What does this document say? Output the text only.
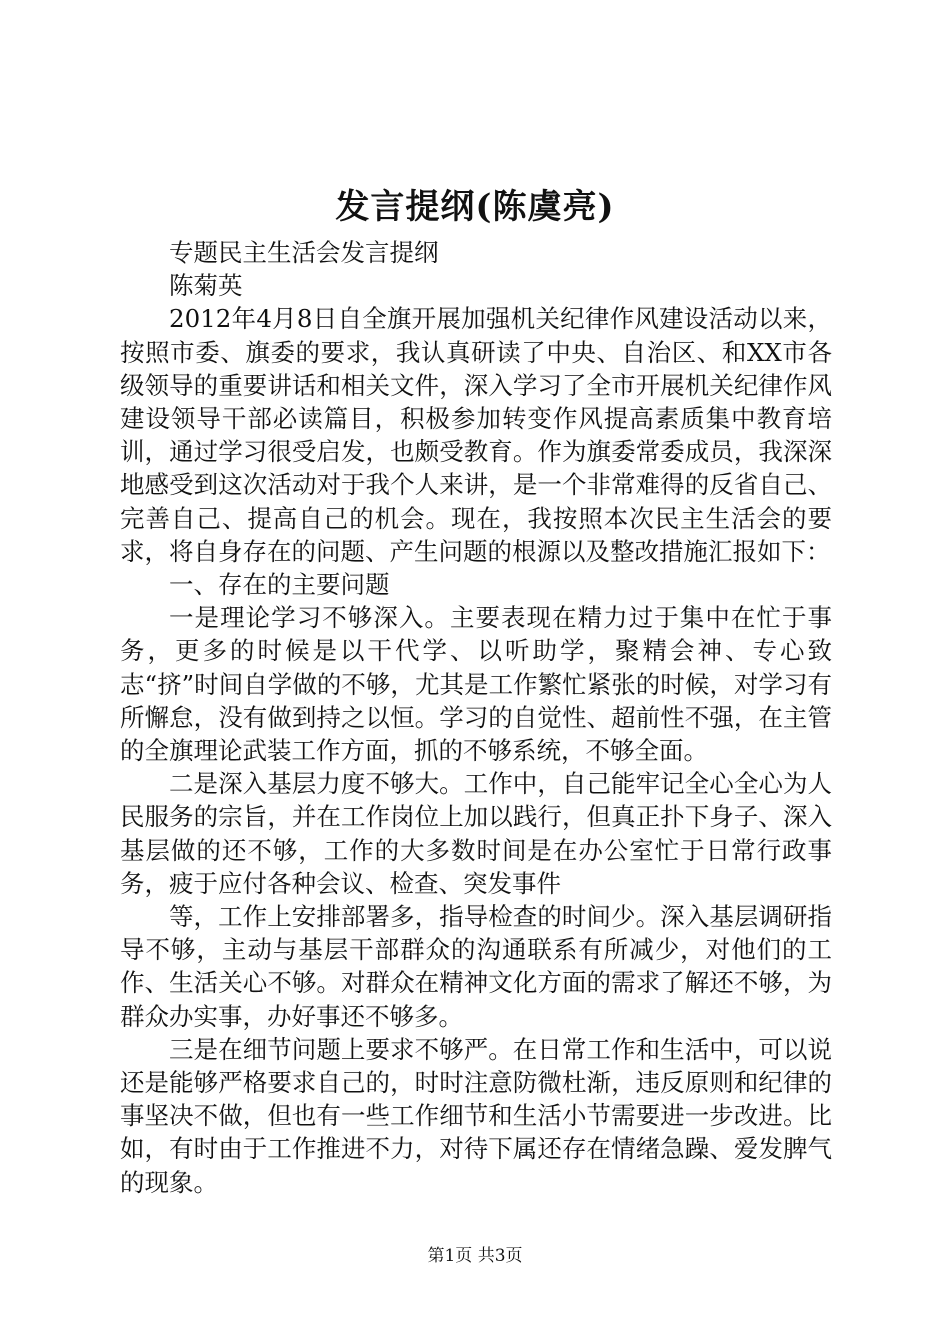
发言提纲(陈虞亮)

专题民主生活会发言提纲

陈菊英

2012年4月8日自全旗开展加强机关纪律作风建设活动以来，按照市委、旗委的要求，我认真研读了中央、自治区、和XX市各级领导的重要讲话和相关文件，深入学习了全市开展机关纪律作风建设领导干部必读篇目，积极参加转变作风提高素质集中教育培训，通过学习很受启发，也颇受教育。作为旗委常委成员，我深深地感受到这次活动对于我个人来讲，是一个非常难得的反省自己、完善自己、提高自己的机会。现在，我按照本次民主生活会的要求，将自身存在的问题、产生问题的根源以及整改措施汇报如下：

一、存在的主要问题

一是理论学习不够深入。主要表现在精力过于集中在忙于事务，更多的时候是以干代学、以听助学，聚精会神、专心致志“挤”时间自学做的不够，尤其是工作繁忙紧张的时候，对学习有所懈怠，没有做到持之以恒。学习的自觉性、超前性不强，在主管的全旗理论武装工作方面，抓的不够系统，不够全面。

二是深入基层力度不够大。工作中，自己能牢记全心全心为人民服务的宗旨，并在工作岗位上加以践行，但真正扑下身子、深入基层做的还不够，工作的大多数时间是在办公室忙于日常行政事务，疲于应付各种会议、检查、突发事件

等，工作上安排部署多，指导检查的时间少。深入基层调研指导不够，主动与基层干部群众的沟通联系有所减少，对他们的工作、生活关心不够。对群众在精神文化方面的需求了解还不够，为群众办实事，办好事还不够多。

三是在细节问题上要求不够严。在日常工作和生活中，可以说还是能够严格要求自己的，时时注意防微杜渐，违反原则和纪律的事坚决不做，但也有一些工作细节和生活小节需要进一步改进。比如，有时由于工作推进不力，对待下属还存在情绪急躁、爱发脾气的现象。

第1页 共3页
